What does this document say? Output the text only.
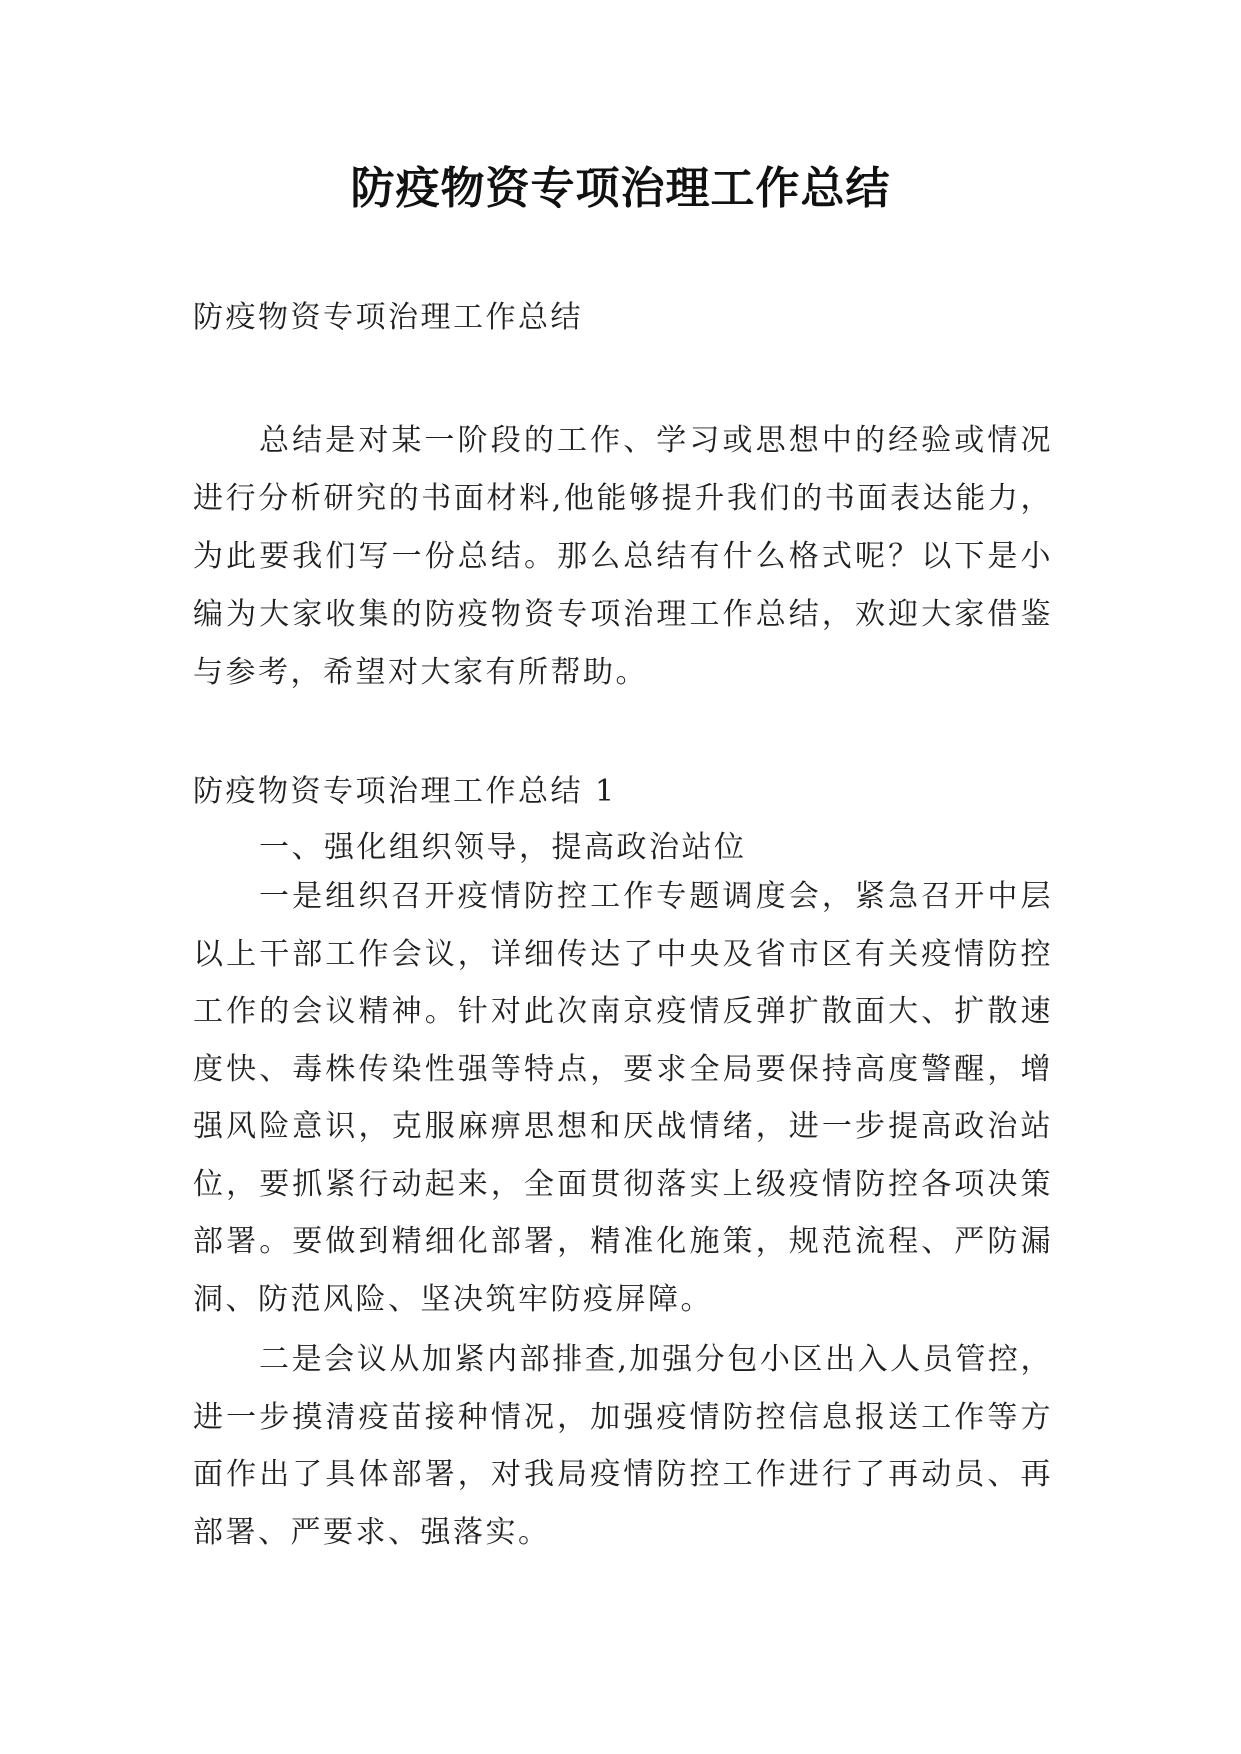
防疫物资专项治理工作总结

防疫物资专项治理工作总结

总结是对某一阶段的工作、学习或思想中的经验或情况进行分析研究的书面材料,他能够提升我们的书面表达能力，为此要我们写一份总结。那么总结有什么格式呢？以下是小编为大家收集的防疫物资专项治理工作总结，欢迎大家借鉴与参考，希望对大家有所帮助。

防疫物资专项治理工作总结 1

一、强化组织领导，提高政治站位

一是组织召开疫情防控工作专题调度会，紧急召开中层以上干部工作会议，详细传达了中央及省市区有关疫情防控工作的会议精神。针对此次南京疫情反弹扩散面大、扩散速度快、毒株传染性强等特点，要求全局要保持高度警醒，增强风险意识，克服麻痹思想和厌战情绪，进一步提高政治站位，要抓紧行动起来，全面贯彻落实上级疫情防控各项决策部署。要做到精细化部署，精准化施策，规范流程、严防漏洞、防范风险、坚决筑牢防疫屏障。

二是会议从加紧内部排查,加强分包小区出入人员管控，进一步摸清疫苗接种情况，加强疫情防控信息报送工作等方面作出了具体部署，对我局疫情防控工作进行了再动员、再部署、严要求、强落实。
